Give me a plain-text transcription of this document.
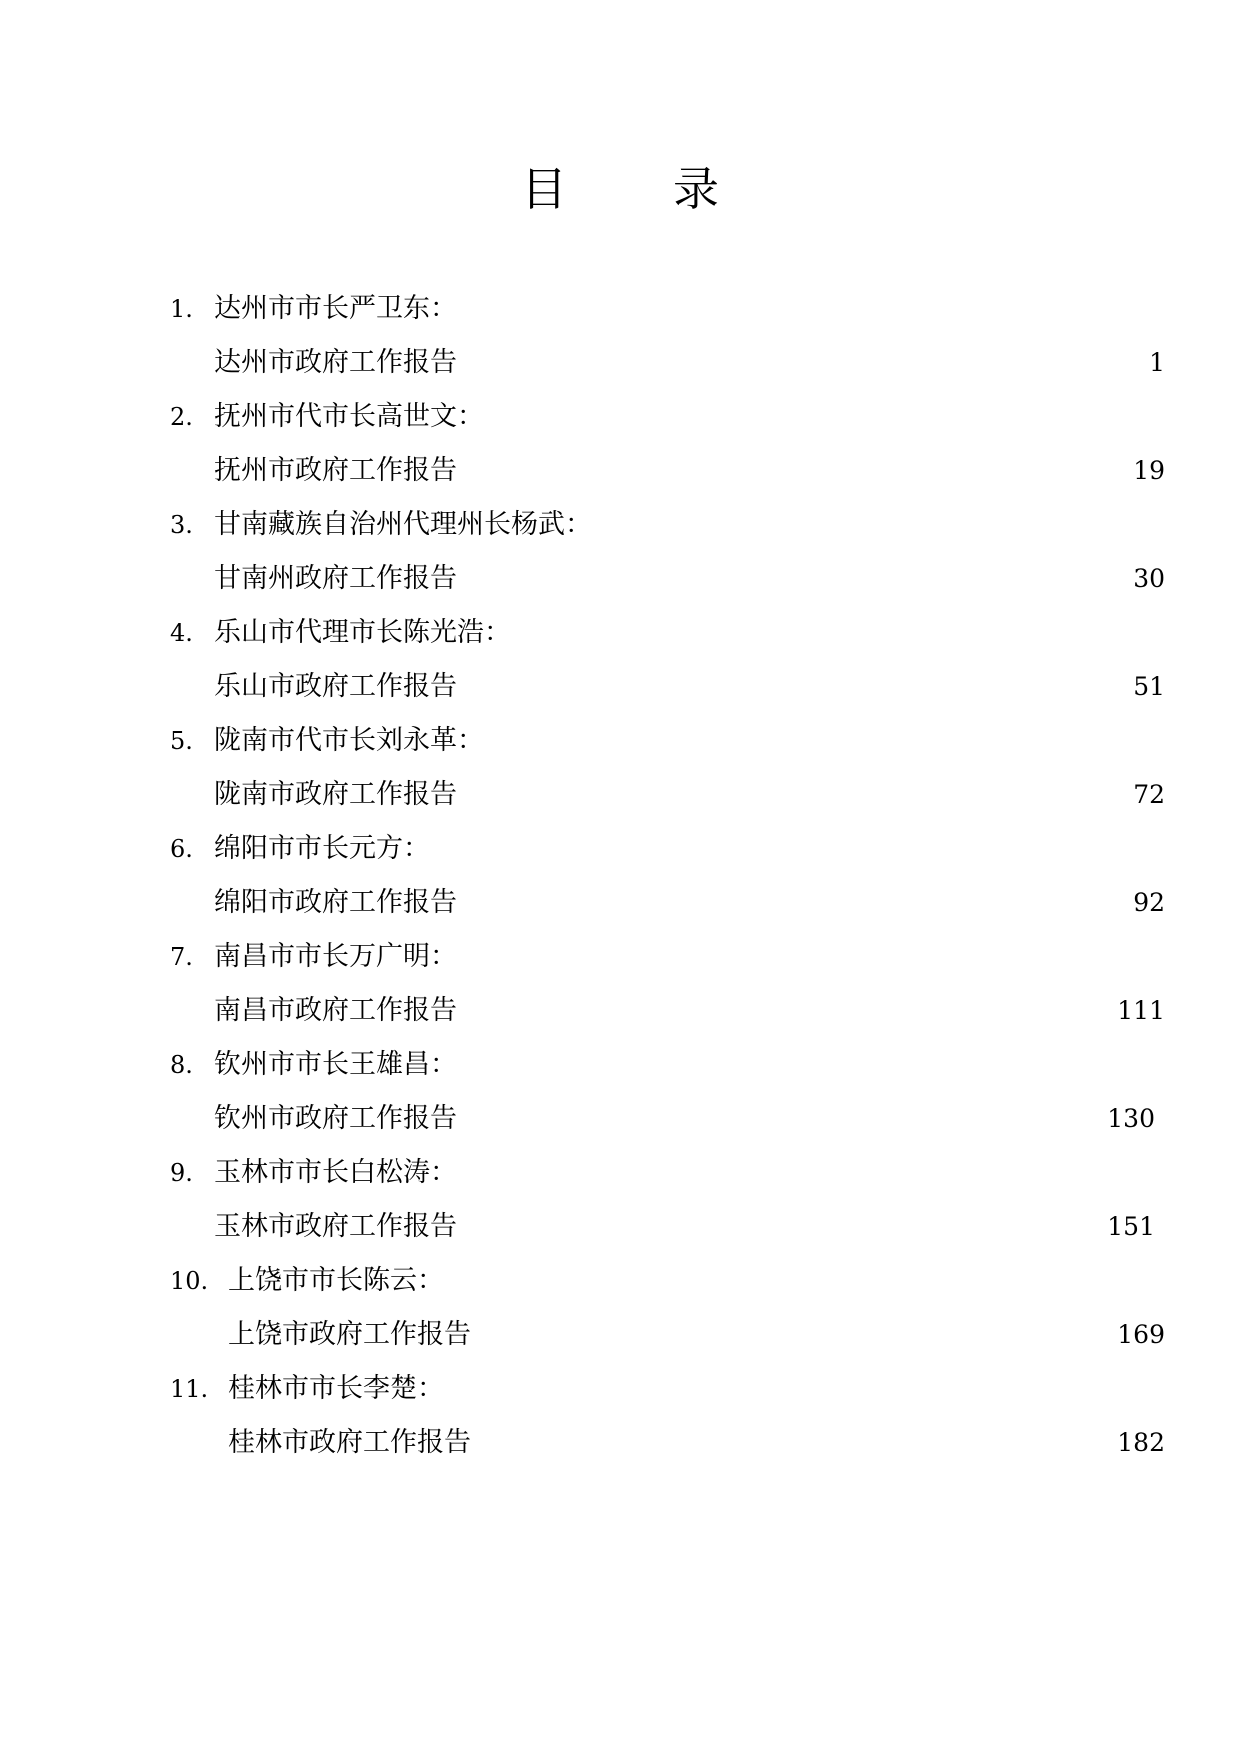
目　录
1. 达州市市长严卫东：
达州市政府工作报告	1
2. 抚州市代市长高世文：
抚州市政府工作报告	19
3. 甘南藏族自治州代理州长杨武：
甘南州政府工作报告	30
4. 乐山市代理市长陈光浩：
乐山市政府工作报告	51
5. 陇南市代市长刘永革：
陇南市政府工作报告	72
6. 绵阳市市长元方：
绵阳市政府工作报告	92
7. 南昌市市长万广明：
南昌市政府工作报告	111
8. 钦州市市长王雄昌：
钦州市政府工作报告	130
9. 玉林市市长白松涛：
玉林市政府工作报告	151
10. 上饶市市长陈云：
上饶市政府工作报告	169
11. 桂林市市长李楚：
桂林市政府工作报告	182
